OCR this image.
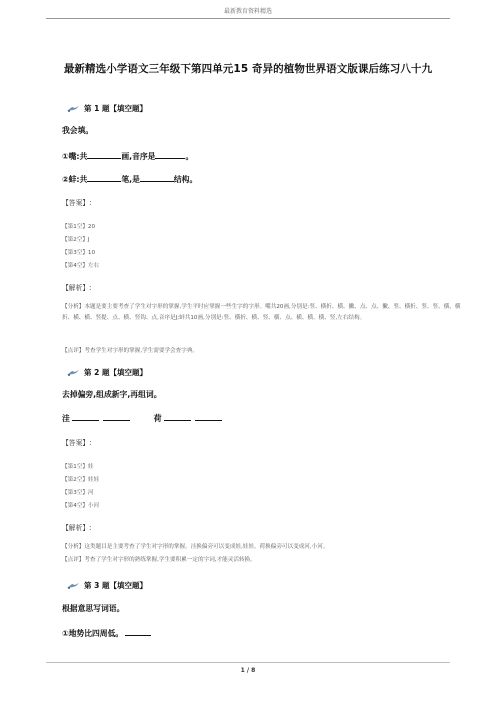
最新教育资料精选
最新精选小学语文三年级下第四单元15 奇异的植物世界语文版课后练习八十九
第 1 题【填空题】
我会填。
①嘴:共	画,音序是	。
②蚌:共	笔,是	结构。
【答案】:
【第1空】20
【第2空】J
【第3空】10
【第4空】左右
【解析】:
【分析】本题是要主要考查了学生对字形的掌握,学生平时应掌握一些生字的字形。嘴共20画,分别是:竖、横折、横、撇、点、点、撇、竖、横折、竖、竖、横、横折、横、横、竖提、点、横、竖钩、点,音序是J;蚌共10画,分别是:竖、横折、横、竖、横、点、横、横、横、竖,左右结构。
【点评】考查学生对字形的掌握,学生需要学会查字典。
第 2 题【填空题】
去掉偏旁,组成新字,再组词。
洼	荷
【答案】:
【第1空】娃
【第2空】娃娃
【第3空】河
【第4空】小河
【解析】:
【分析】这类题目是主要考查了学生对字形的掌握。洼换偏旁可以变成娃,娃娃。荷换偏旁可以变成河,小河。
【点评】考查了学生对字形的熟练掌握,学生要积累一定的字词,才能灵活转换。
第 3 题【填空题】
根据意思写词语。
①地势比四周低。
1 / 8
